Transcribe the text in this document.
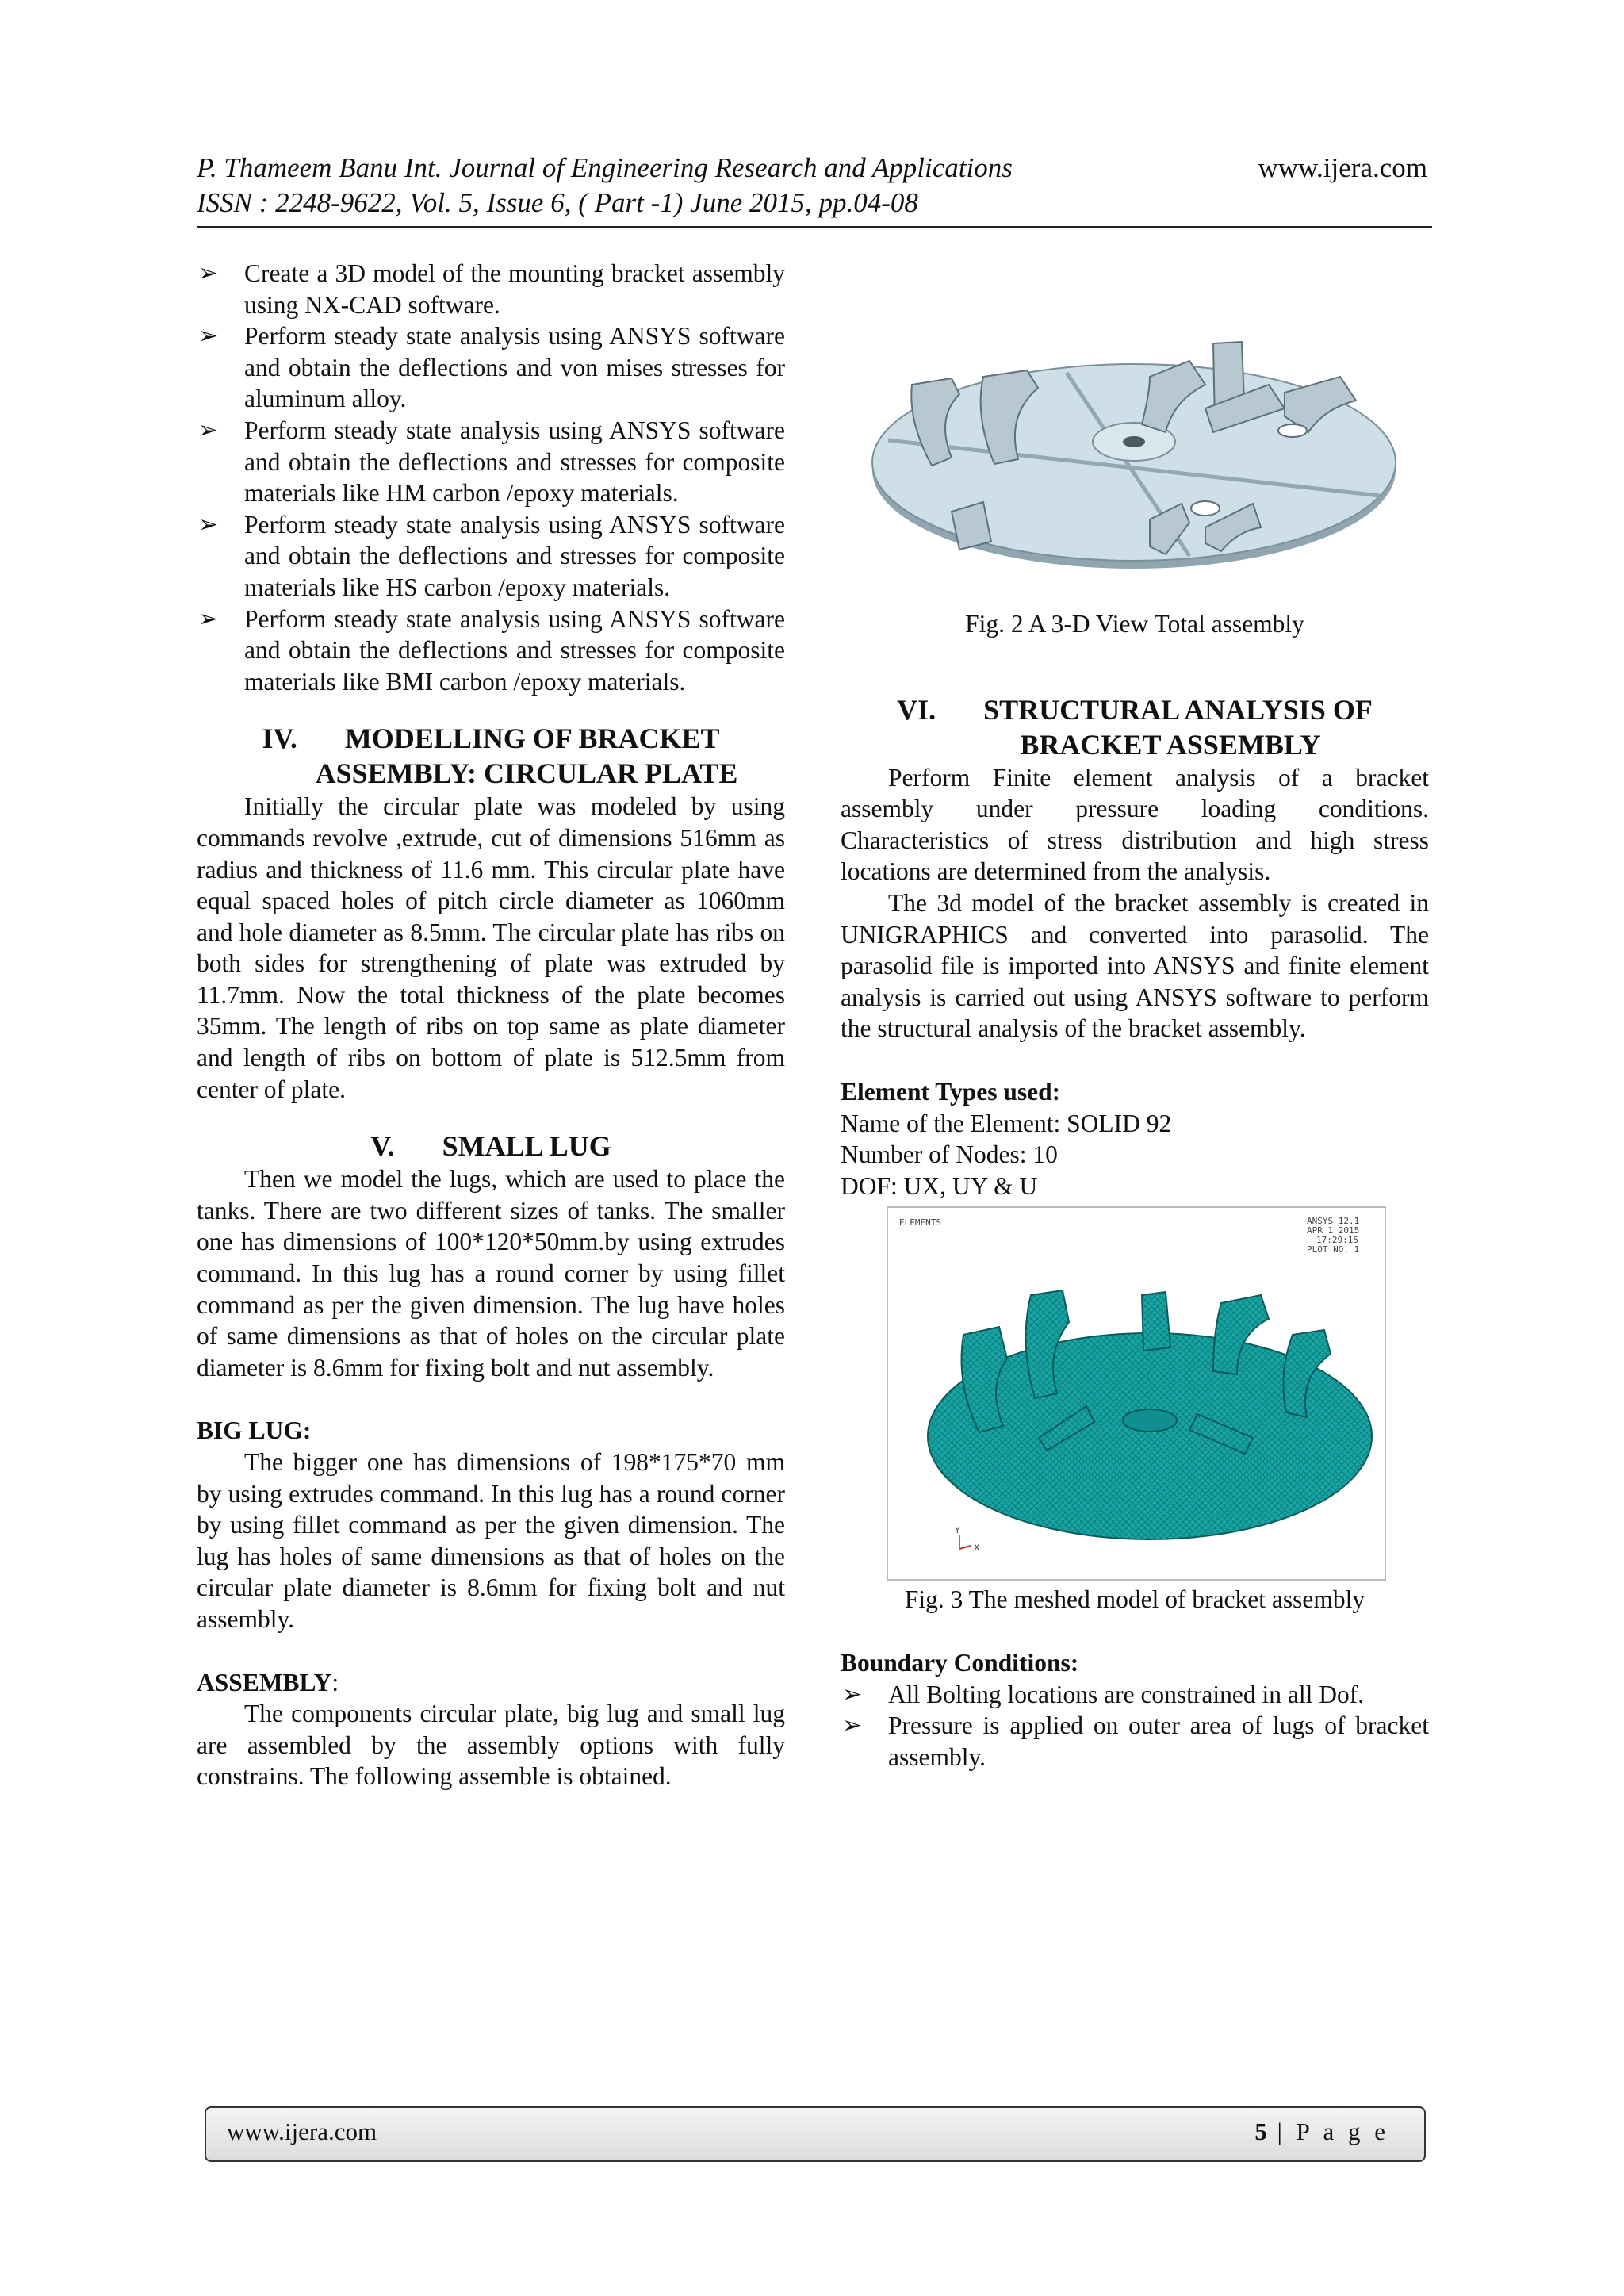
P. Thameem Banu Int. Journal of Engineering Research and Applications	www.ijera.com
ISSN : 2248-9622, Vol. 5, Issue 6, ( Part -1) June 2015, pp.04-08
➢ Create a 3D model of the mounting bracket assembly using NX-CAD software.
➢ Perform steady state analysis using ANSYS software and obtain the deflections and von mises stresses for aluminum alloy.
➢ Perform steady state analysis using ANSYS software and obtain the deflections and stresses for composite materials like HM carbon /epoxy materials.
➢ Perform steady state analysis using ANSYS software and obtain the deflections and stresses for composite materials like HS carbon /epoxy materials.
➢ Perform steady state analysis using ANSYS software and obtain the deflections and stresses for composite materials like BMI carbon /epoxy materials.
IV. MODELLING OF BRACKET
ASSEMBLY: CIRCULAR PLATE

Initially the circular plate was modeled by using commands revolve ,extrude, cut of dimensions 516mm as radius and thickness of 11.6 mm. This circular plate have equal spaced holes of pitch circle diameter as 1060mm and hole diameter as 8.5mm. The circular plate has ribs on both sides for strengthening of plate was extruded by 11.7mm. Now the total thickness of the plate becomes 35mm. The length of ribs on top same as plate diameter and length of ribs on bottom of plate is 512.5mm from center of plate.

V. SMALL LUG

Then we model the lugs, which are used to place the tanks. There are two different sizes of tanks. The smaller one has dimensions of 100*120*50mm.by using extrudes command. In this lug has a round corner by using fillet command as per the given dimension. The lug have holes of same dimensions as that of holes on the circular plate diameter is 8.6mm for fixing bolt and nut assembly.

BIG LUG:

The bigger one has dimensions of 198*175*70 mm by using extrudes command. In this lug has a round corner by using fillet command as per the given dimension. The lug has holes of same dimensions as that of holes on the circular plate diameter is 8.6mm for fixing bolt and nut assembly.

ASSEMBLY:

The components circular plate, big lug and small lug are assembled by the assembly options with fully constrains. The following assemble is obtained.

Fig. 2 A 3-D View Total assembly
VI. STRUCTURAL ANALYSIS OF
BRACKET ASSEMBLY

Perform Finite element analysis of a bracket assembly under pressure loading conditions. Characteristics of stress distribution and high stress locations are determined from the analysis.

The 3d model of the bracket assembly is created in UNIGRAPHICS and converted into parasolid. The parasolid file is imported into ANSYS and finite element analysis is carried out using ANSYS software to perform the structural analysis of the bracket assembly.

Element Types used:
Name of the Element: SOLID 92
Number of Nodes: 10
DOF: UX, UY & U
ELEMENTS	ANSYS 12.1
APR 1 2015
17:29:15
PLOT NO. 1
Y
X
Fig. 3 The meshed model of bracket assembly
Boundary Conditions:
➢ All Bolting locations are constrained in all Dof.
➢ Pressure is applied on outer area of lugs of bracket assembly.
www.ijera.com	5 | P a g e
